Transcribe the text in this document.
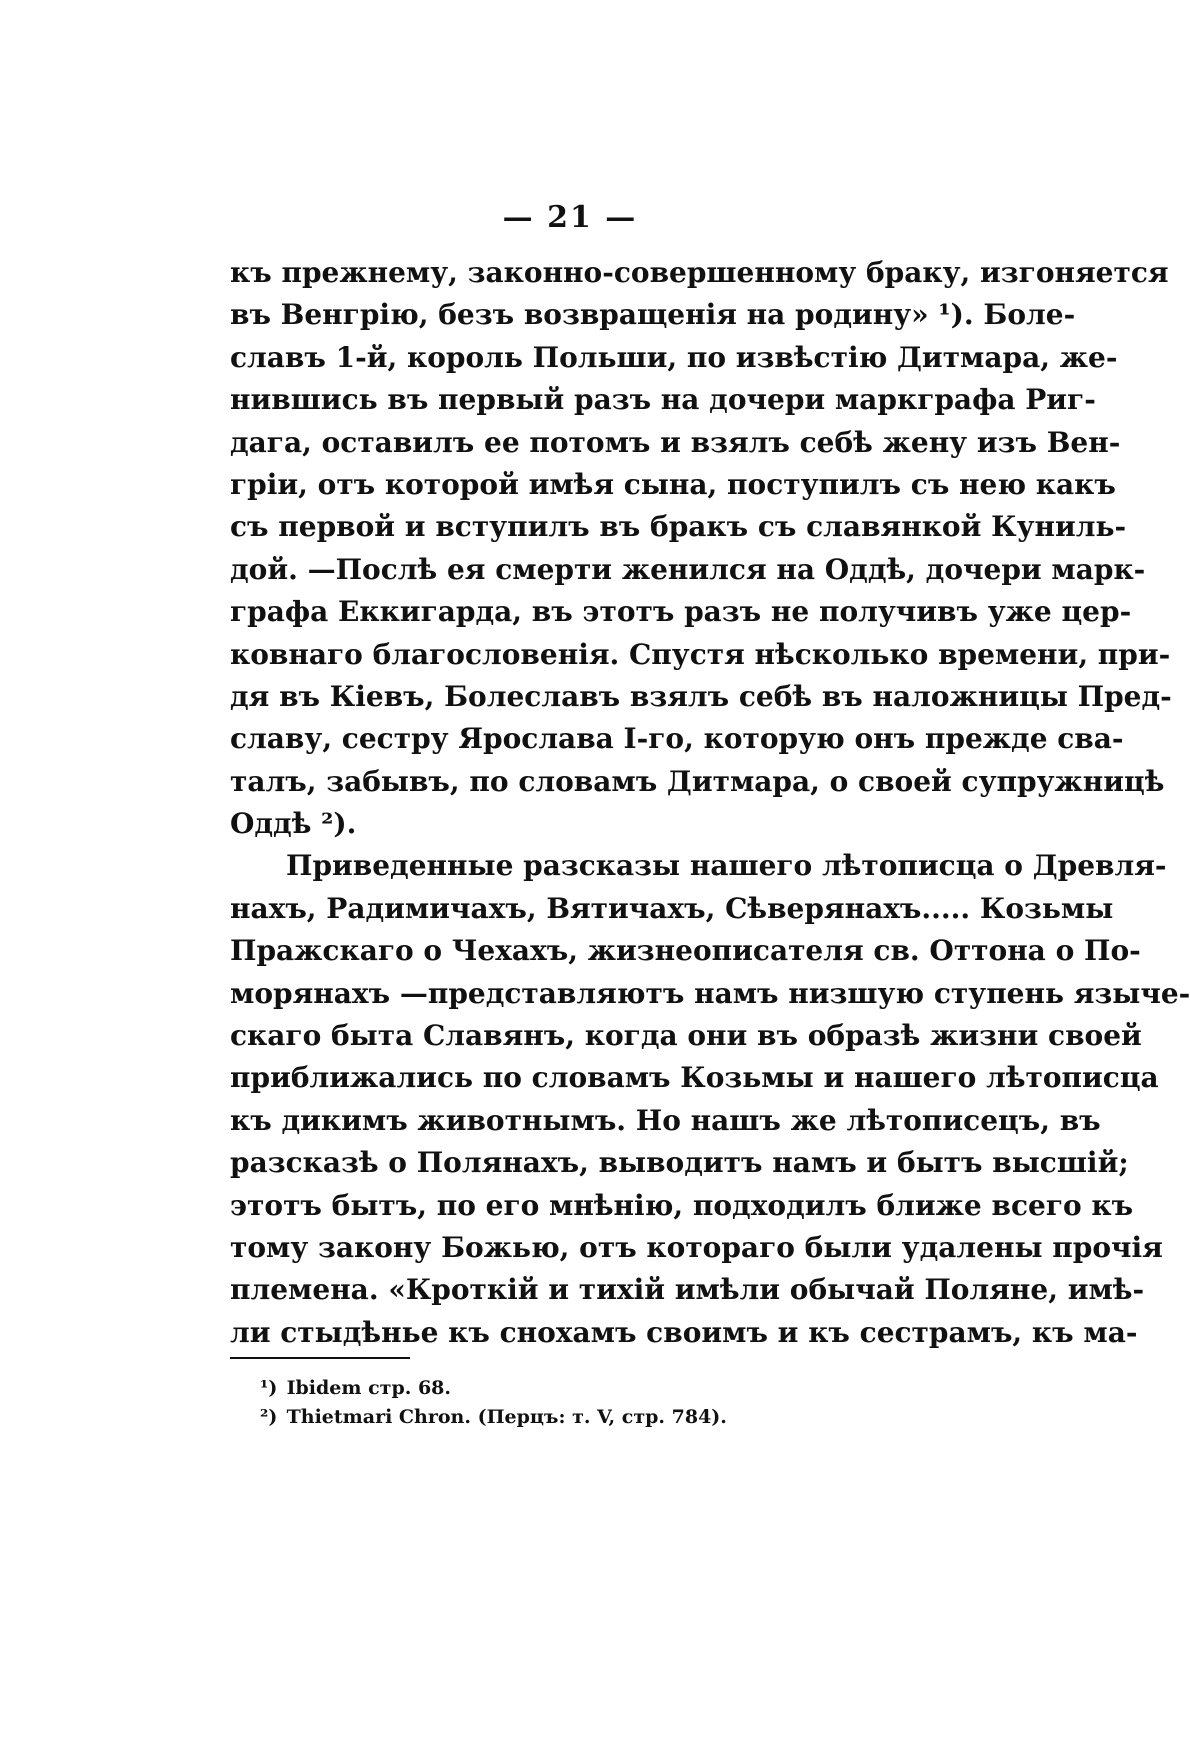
— 21 —
къ прежнему, законно-совершенному браку, изгоняется
въ Венгрію, безъ возвращенія на родину» ¹). Боле-
славъ 1-й, король Польши, по извѣстію Дитмара, же-
нившись въ первый разъ на дочери маркграфа Риг-
дага, оставилъ ее потомъ и взялъ себѣ жену изъ Вен-
гріи, отъ которой имѣя сына, поступилъ съ нею какъ
съ первой и вступилъ въ бракъ съ славянкой Куниль-
дой. —Послѣ ея смерти женился на Оддѣ, дочери марк-
графа Еккигарда, въ этотъ разъ не получивъ уже цер-
ковнаго благословенія. Спустя нѣсколько времени, при-
дя въ Кіевъ, Болеславъ взялъ себѣ въ наложницы Пред-
славу, сестру Ярослава I-го, которую онъ прежде сва-
талъ, забывъ, по словамъ Дитмара, о своей супружницѣ
Оддѣ ²).
Приведенные разсказы нашего лѣтописца о Древля-
нахъ, Радимичахъ, Вятичахъ, Сѣверянахъ..... Козьмы
Пражскаго о Чехахъ, жизнеописателя св. Оттона о По-
морянахъ —представляютъ намъ низшую ступень язычe-
скаго быта Славянъ, когда они въ образѣ жизни своей
приближались по словамъ Козьмы и нашего лѣтописца
къ дикимъ животнымъ. Но нашъ же лѣтописецъ, въ
разсказѣ о Полянахъ, выводитъ намъ и бытъ высшій;
этотъ бытъ, по его мнѣнію, подходилъ ближе всего къ
тому закону Божью, отъ котораго были удалены прочія
племена. «Кроткій и тихій имѣли обычай Поляне, имѣ-
ли стыдѣнье къ снохамъ своимъ и къ сестрамъ, къ ма-
¹) Ibidem стр. 68.
²) Thietmari Chron. (Перцъ: т. V, стр. 784).
